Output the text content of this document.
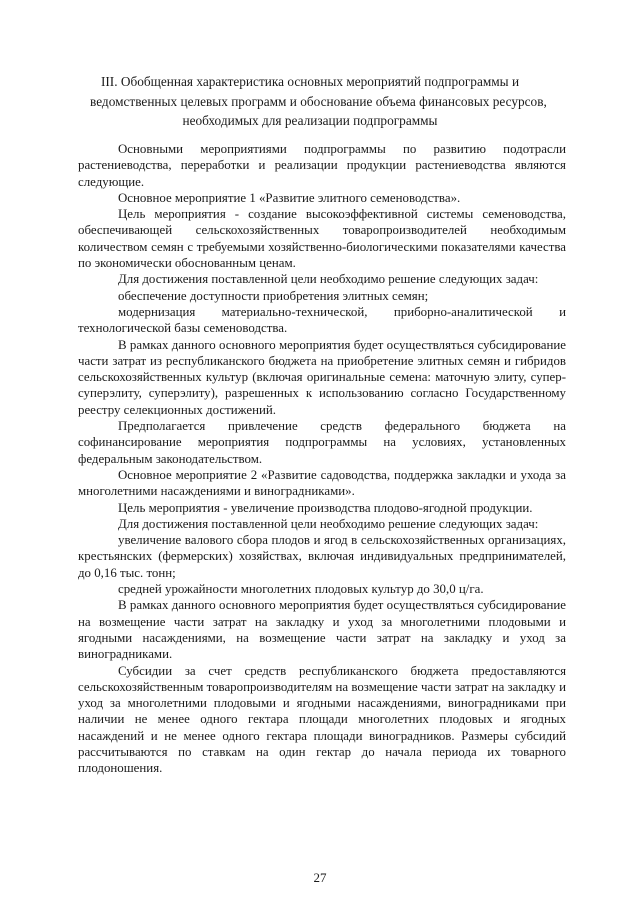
III. Обобщенная характеристика основных мероприятий подпрограммы и
ведомственных целевых программ и обоснование объема финансовых ресурсов,
необходимых для реализации подпрограммы

Основными мероприятиями подпрограммы по развитию подотрасли растениеводства, переработки и реализации продукции растениеводства являются следующие.

Основное мероприятие 1 «Развитие элитного семеноводства».

Цель мероприятия - создание высокоэффективной системы семеноводства, обеспечивающей сельскохозяйственных товаропроизводителей необходимым количеством семян с требуемыми хозяйственно-биологическими показателями качества по экономически обоснованным ценам.

Для достижения поставленной цели необходимо решение следующих задач:

обеспечение доступности приобретения элитных семян;

модернизация материально-технической, приборно-аналитической и технологической базы семеноводства.

В рамках данного основного мероприятия будет осуществляться субсидирование части затрат из республиканского бюджета на приобретение элитных семян и гибридов сельскохозяйственных культур (включая оригинальные семена: маточную элиту, супер-суперэлиту, суперэлиту), разрешенных к использованию согласно Государственному реестру селекционных достижений.

Предполагается привлечение средств федерального бюджета на софинансирование мероприятия подпрограммы на условиях, установленных федеральным законодательством.

Основное мероприятие 2 «Развитие садоводства, поддержка закладки и ухода за многолетними насаждениями и виноградниками».

Цель мероприятия - увеличение производства плодово-ягодной продукции.

Для достижения поставленной цели необходимо решение следующих задач:

увеличение валового сбора плодов и ягод в сельскохозяйственных организациях, крестьянских (фермерских) хозяйствах, включая индивидуальных предпринимателей, до 0,16 тыс. тонн;

средней урожайности многолетних плодовых культур до 30,0 ц/га.

В рамках данного основного мероприятия будет осуществляться субсидирование на возмещение части затрат на закладку и уход за многолетними плодовыми и ягодными насаждениями, на возмещение части затрат на закладку и уход за виноградниками.

Субсидии за счет средств республиканского бюджета предоставляются сельскохозяйственным товаропроизводителям на возмещение части затрат на закладку и уход за многолетними плодовыми и ягодными насаждениями, виноградниками при наличии не менее одного гектара площади многолетних плодовых и ягодных насаждений и не менее одного гектара площади виноградников. Размеры субсидий рассчитываются по ставкам на один гектар до начала периода их товарного плодоношения.

27
